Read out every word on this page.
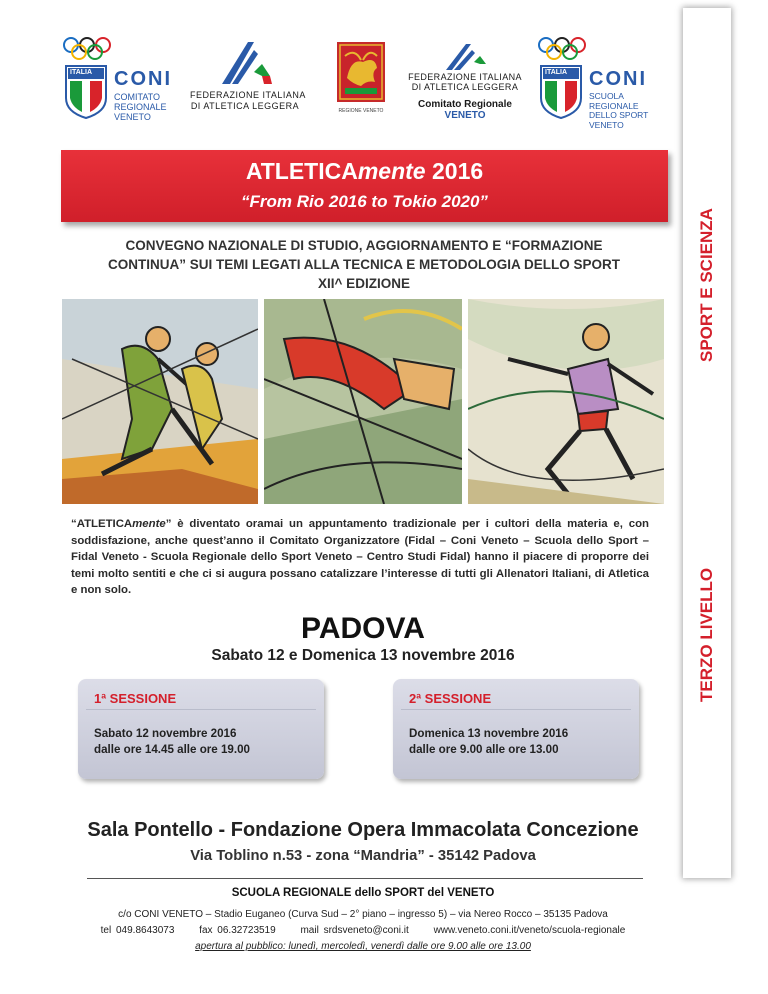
ITALIA CONI
COMITATO
REGIONALE
VENETO
FEDERAZIONE ITALIANA
DI ATLETICA LEGGERA	REGIONE VENETO
FEDERAZIONE ITALIANA
DI ATLETICA LEGGERA
Comitato Regionale VENETO
ITALIA CONI
SCUOLA
REGIONALE
DELLO SPORT
VENETO
ATLETICAmente 2016
“From Rio 2016 to Tokio 2020”
CONVEGNO NAZIONALE DI STUDIO, AGGIORNAMENTO E “FORMAZIONE
CONTINUA” SUI TEMI LEGATI ALLA TECNICA E METODOLOGIA DELLO SPORT
XII^ EDIZIONE
“ATLETICAmente” è diventato oramai un appuntamento tradizionale per i cultori della materia e, con soddisfazione, anche quest’anno il Comitato Organizzatore (Fidal – Coni Veneto – Scuola dello Sport – Fidal Veneto - Scuola Regionale dello Sport Veneto – Centro Studi Fidal) hanno il piacere di proporre dei temi molto sentiti e che ci si augura possano catalizzare l’interesse di tutti gli Allenatori Italiani, di Atletica e non solo.
PADOVA
Sabato 12 e Domenica 13 novembre 2016
1ª SESSIONE
Sabato 12 novembre 2016
dalle ore 14.45 alle ore 19.00
2ª SESSIONE
Domenica 13 novembre 2016
dalle ore 9.00 alle ore 13.00
Sala Pontello - Fondazione Opera Immacolata Concezione
Via Toblino n.53 - zona “Mandria” - 35142 Padova
SCUOLA REGIONALE dello SPORT del VENETO
c/o CONI VENETO – Stadio Euganeo (Curva Sud – 2° piano – ingresso 5) – via Nereo Rocco – 35135 Padova
tel 049.8643073 fax 06.32723519 mail srdsveneto@coni.it www.veneto.coni.it/veneto/scuola-regionale
apertura al pubblico: lunedì, mercoledì, venerdì dalle ore 9.00 alle ore 13.00
SPORT E SCIENZA
TERZO LIVELLO
